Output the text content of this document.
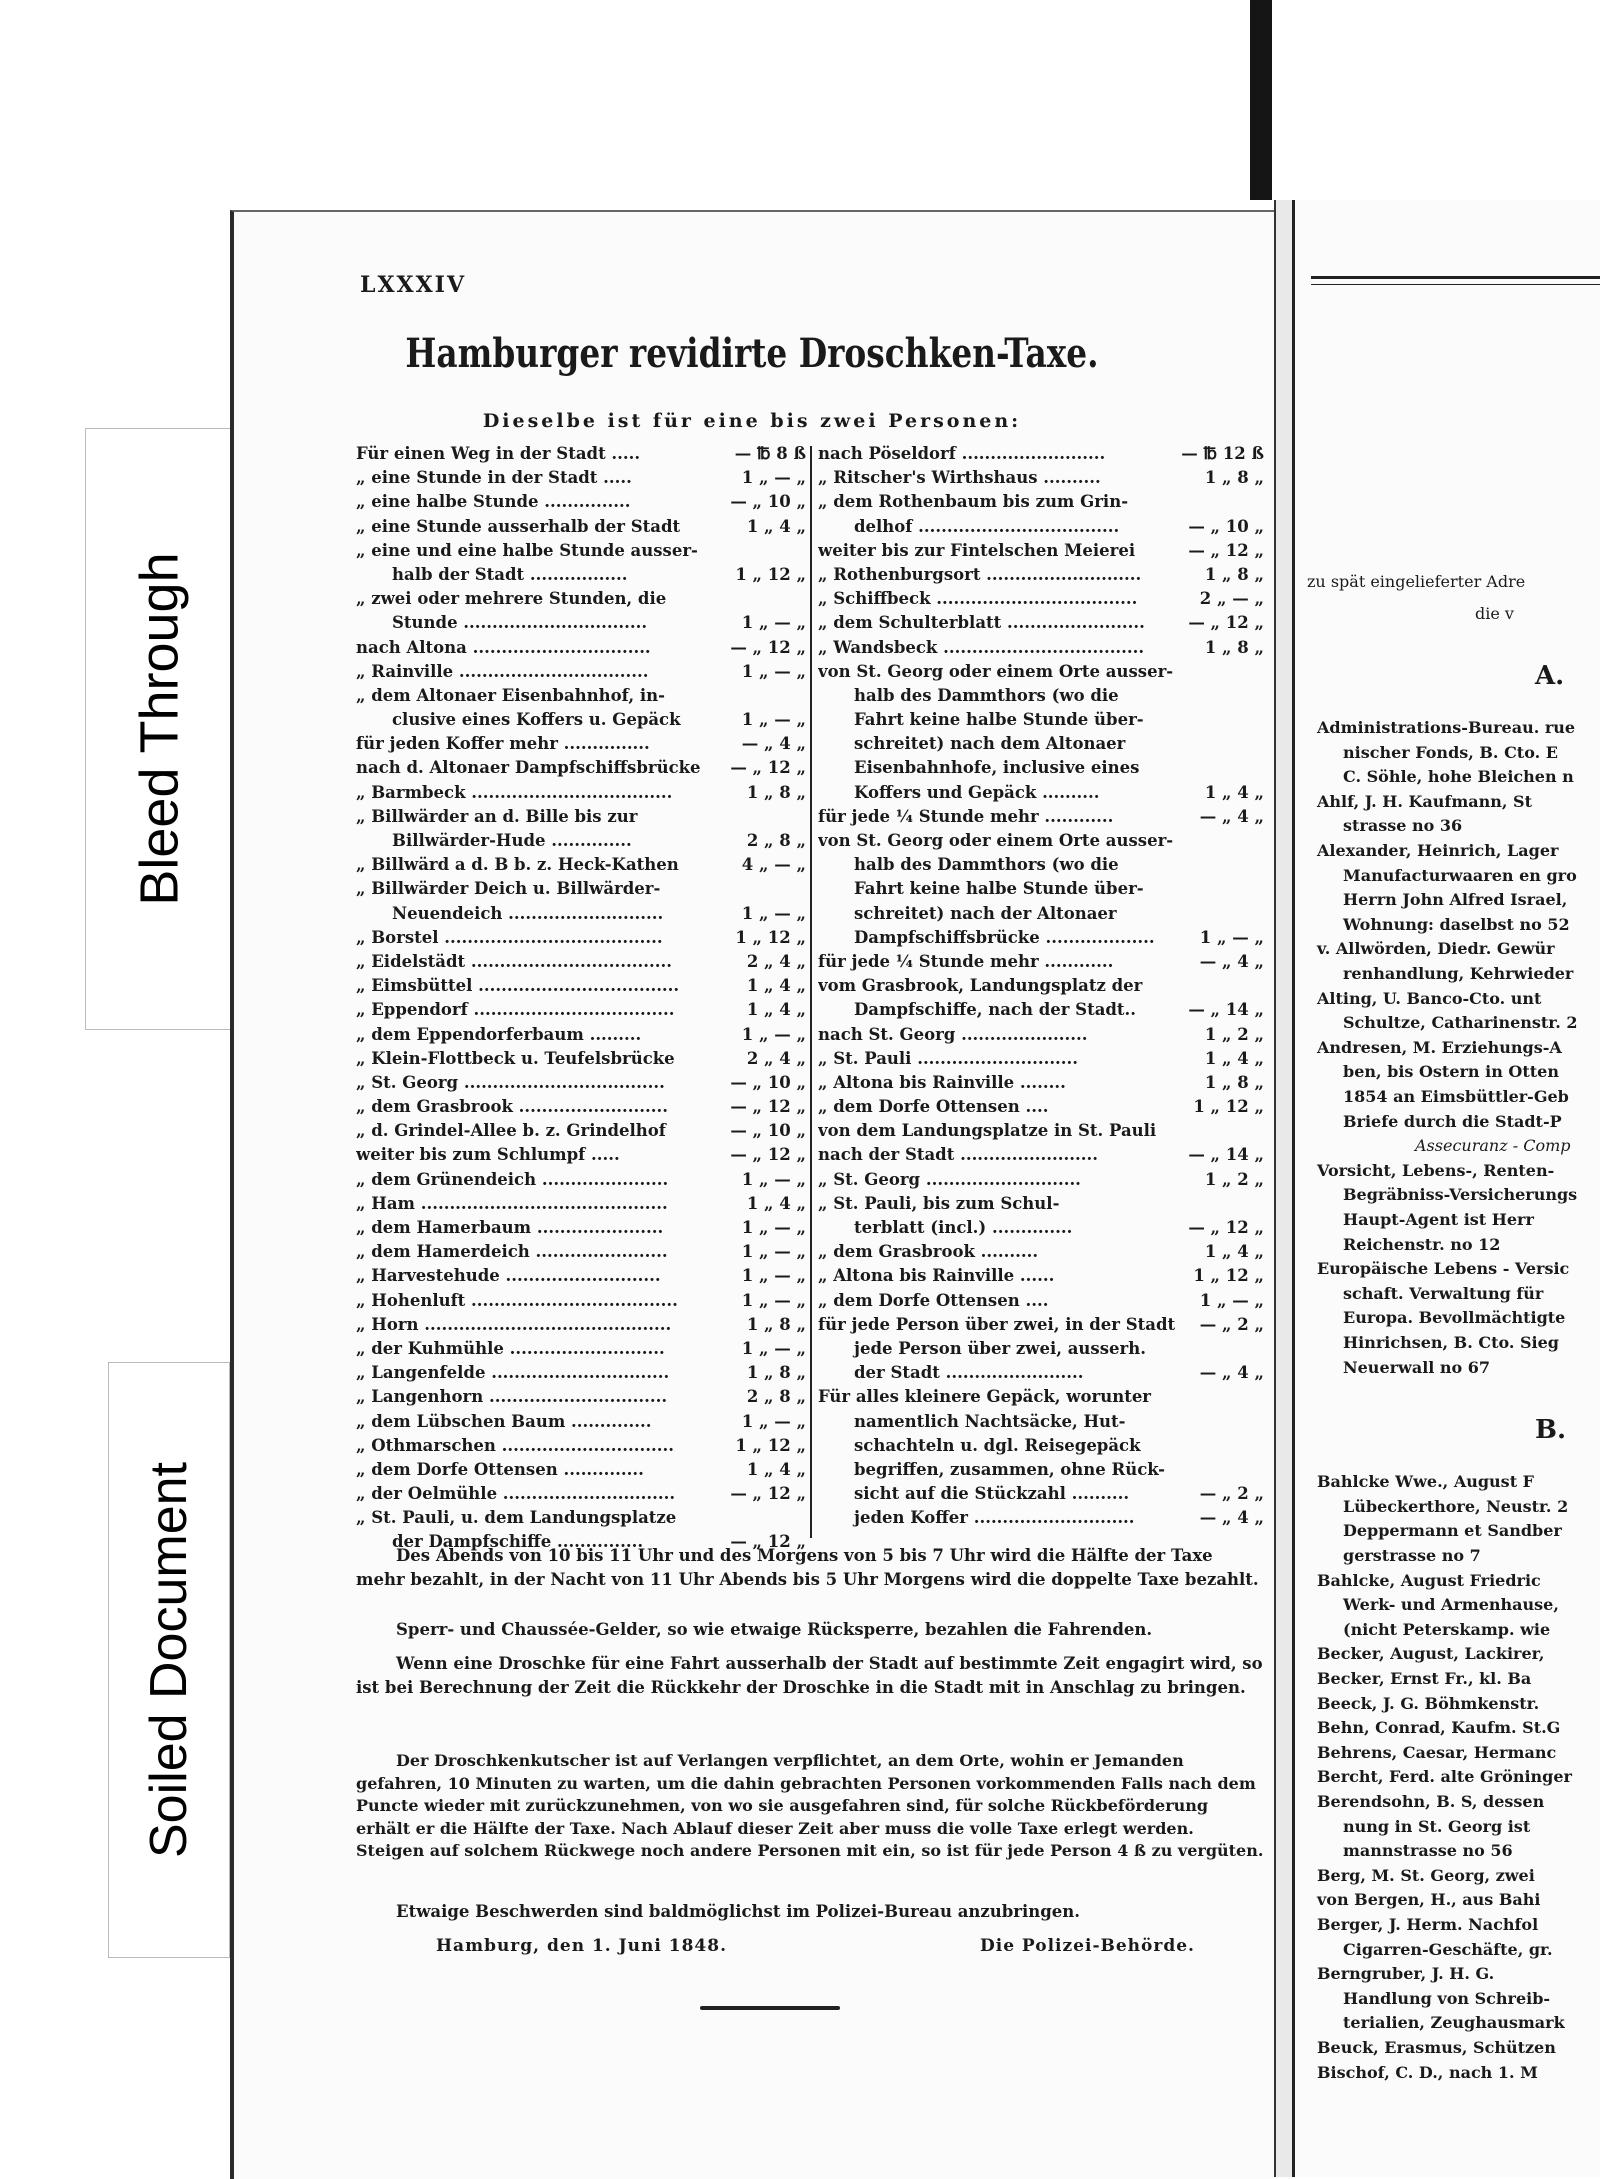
Bleed Through
Soiled Document
LXXXIV
Hamburger revidirte Droschken-Taxe.
Dieselbe ist für eine bis zwei Personen:
Für einen Weg in der Stadt .....	— ℔ 8 ß
„ eine Stunde in der Stadt .....	1 „ — „
„ eine halbe Stunde ...............	— „ 10 „
„ eine Stunde ausserhalb der Stadt	1 „ 4 „
„ eine und eine halbe Stunde ausser-
halb der Stadt .................	1 „ 12 „
„ zwei oder mehrere Stunden, die
Stunde ................................	1 „ — „
nach Altona ...............................	— „ 12 „
„ Rainville .................................	1 „ — „
„ dem Altonaer Eisenbahnhof, in-
clusive eines Koffers u. Gepäck	1 „ — „
für jeden Koffer mehr ...............	— „ 4 „
nach d. Altonaer Dampfschiffsbrücke	— „ 12 „
„ Barmbeck ...................................	1 „ 8 „
„ Billwärder an d. Bille bis zur
Billwärder-Hude ..............	2 „ 8 „
„ Billwärd a d. B b. z. Heck-Kathen	4 „ — „
„ Billwärder Deich u. Billwärder-
Neuendeich ...........................	1 „ — „
„ Borstel ......................................	1 „ 12 „
„ Eidelstädt ...................................	2 „ 4 „
„ Eimsbüttel ...................................	1 „ 4 „
„ Eppendorf ...................................	1 „ 4 „
„ dem Eppendorferbaum .........	1 „ — „
„ Klein-Flottbeck u. Teufelsbrücke	2 „ 4 „
„ St. Georg ...................................	— „ 10 „
„ dem Grasbrook ..........................	— „ 12 „
„ d. Grindel-Allee b. z. Grindelhof	— „ 10 „
weiter bis zum Schlumpf .....	— „ 12 „
„ dem Grünendeich ......................	1 „ — „
„ Ham ...........................................	1 „ 4 „
„ dem Hamerbaum ......................	1 „ — „
„ dem Hamerdeich .......................	1 „ — „
„ Harvestehude ...........................	1 „ — „
„ Hohenluft ....................................	1 „ — „
„ Horn ...........................................	1 „ 8 „
„ der Kuhmühle ...........................	1 „ — „
„ Langenfelde ...............................	1 „ 8 „
„ Langenhorn ...............................	2 „ 8 „
„ dem Lübschen Baum ..............	1 „ — „
„ Othmarschen ..............................	1 „ 12 „
„ dem Dorfe Ottensen ..............	1 „ 4 „
„ der Oelmühle ..............................	— „ 12 „
„ St. Pauli, u. dem Landungsplatze
der Dampfschiffe ...............	— „ 12 „
nach Pöseldorf .........................	— ℔ 12 ß
„ Ritscher's Wirthshaus ..........	1 „ 8 „
„ dem Rothenbaum bis zum Grin-
delhof ...................................	— „ 10 „
weiter bis zur Fintelschen Meierei	— „ 12 „
„ Rothenburgsort ...........................	1 „ 8 „
„ Schiffbeck ...................................	2 „ — „
„ dem Schulterblatt ........................	— „ 12 „
„ Wandsbeck ...................................	1 „ 8 „
von St. Georg oder einem Orte ausser-
halb des Dammthors (wo die
Fahrt keine halbe Stunde über-
schreitet) nach dem Altonaer
Eisenbahnhofe, inclusive eines
Koffers und Gepäck ..........	1 „ 4 „
für jede ¼ Stunde mehr ............	— „ 4 „
von St. Georg oder einem Orte ausser-
halb des Dammthors (wo die
Fahrt keine halbe Stunde über-
schreitet) nach der Altonaer
Dampfschiffsbrücke ...................	1 „ — „
für jede ¼ Stunde mehr ............	— „ 4 „
vom Grasbrook, Landungsplatz der
Dampfschiffe, nach der Stadt..	— „ 14 „
nach St. Georg ......................	1 „ 2 „
„ St. Pauli ............................	1 „ 4 „
„ Altona bis Rainville ........	1 „ 8 „
„ dem Dorfe Ottensen ....	1 „ 12 „
von dem Landungsplatze in St. Pauli
nach der Stadt ........................	— „ 14 „
„ St. Georg ...........................	1 „ 2 „
„ St. Pauli, bis zum Schul-
terblatt (incl.) ..............	— „ 12 „
„ dem Grasbrook ..........	1 „ 4 „
„ Altona bis Rainville ......	1 „ 12 „
„ dem Dorfe Ottensen ....	1 „ — „
für jede Person über zwei, in der Stadt	— „ 2 „
jede Person über zwei, ausserh.
der Stadt ........................	— „ 4 „
Für alles kleinere Gepäck, worunter
namentlich Nachtsäcke, Hut-
schachteln u. dgl. Reisegepäck
begriffen, zusammen, ohne Rück-
sicht auf die Stückzahl ..........	— „ 2 „
jeden Koffer ............................	— „ 4 „
Des Abends von 10 bis 11 Uhr und des Morgens von 5 bis 7 Uhr wird die Hälfte der Taxe mehr bezahlt, in der Nacht von 11 Uhr Abends bis 5 Uhr Morgens wird die doppelte Taxe bezahlt.
Sperr- und Chaussée-Gelder, so wie etwaige Rücksperre, bezahlen die Fahrenden.
Wenn eine Droschke für eine Fahrt ausserhalb der Stadt auf bestimmte Zeit engagirt wird, so ist bei Berechnung der Zeit die Rückkehr der Droschke in die Stadt mit in Anschlag zu bringen.
Der Droschkenkutscher ist auf Verlangen verpflichtet, an dem Orte, wohin er Jemanden gefahren, 10 Minuten zu warten, um die dahin gebrachten Personen vorkommenden Falls nach dem Puncte wieder mit zurückzunehmen, von wo sie ausgefahren sind, für solche Rückbeförderung erhält er die Hälfte der Taxe. Nach Ablauf dieser Zeit aber muss die volle Taxe erlegt werden. Steigen auf solchem Rückwege noch andere Personen mit ein, so ist für jede Person 4 ß zu vergüten.
Etwaige Beschwerden sind baldmöglichst im Polizei-Bureau anzubringen.
Hamburg, den 1. Juni 1848.	Die Polizei-Behörde.
zu spät eingelieferter Adre
die v
A.
Administrations-Bureau. rue
nischer Fonds, B. Cto. E
C. Söhle, hohe Bleichen n
Ahlf, J. H. Kaufmann, St
strasse no 36
Alexander, Heinrich, Lager
Manufacturwaaren en gro
Herrn John Alfred Israel,
Wohnung: daselbst no 52
v. Allwörden, Diedr. Gewür
renhandlung, Kehrwieder
Alting, U. Banco-Cto. unt
Schultze, Catharinenstr. 2
Andresen, M. Erziehungs-A
ben, bis Ostern in Otten
1854 an Eimsbüttler-Geb
Briefe durch die Stadt-P
Assecuranz - Comp
Vorsicht, Lebens-, Renten-
Begräbniss-Versicherungs
Haupt-Agent ist Herr
Reichenstr. no 12
Europäische Lebens - Versic
schaft. Verwaltung für
Europa. Bevollmächtigte
Hinrichsen, B. Cto. Sieg
Neuerwall no 67
B.
Bahlcke Wwe., August F
Lübeckerthore, Neustr. 2
Deppermann et Sandber
gerstrasse no 7
Bahlcke, August Friedric
Werk- und Armenhause,
(nicht Peterskamp. wie
Becker, August, Lackirer,
Becker, Ernst Fr., kl. Ba
Beeck, J. G. Böhmkenstr.
Behn, Conrad, Kaufm. St.G
Behrens, Caesar, Hermanc
Bercht, Ferd. alte Gröninger
Berendsohn, B. S, dessen
nung in St. Georg ist
mannstrasse no 56
Berg, M. St. Georg, zwei
von Bergen, H., aus Bahi
Berger, J. Herm. Nachfol
Cigarren-Geschäfte, gr.
Berngruber, J. H. G.
Handlung von Schreib-
terialien, Zeughausmark
Beuck, Erasmus, Schützen
Bischof, C. D., nach 1. M
